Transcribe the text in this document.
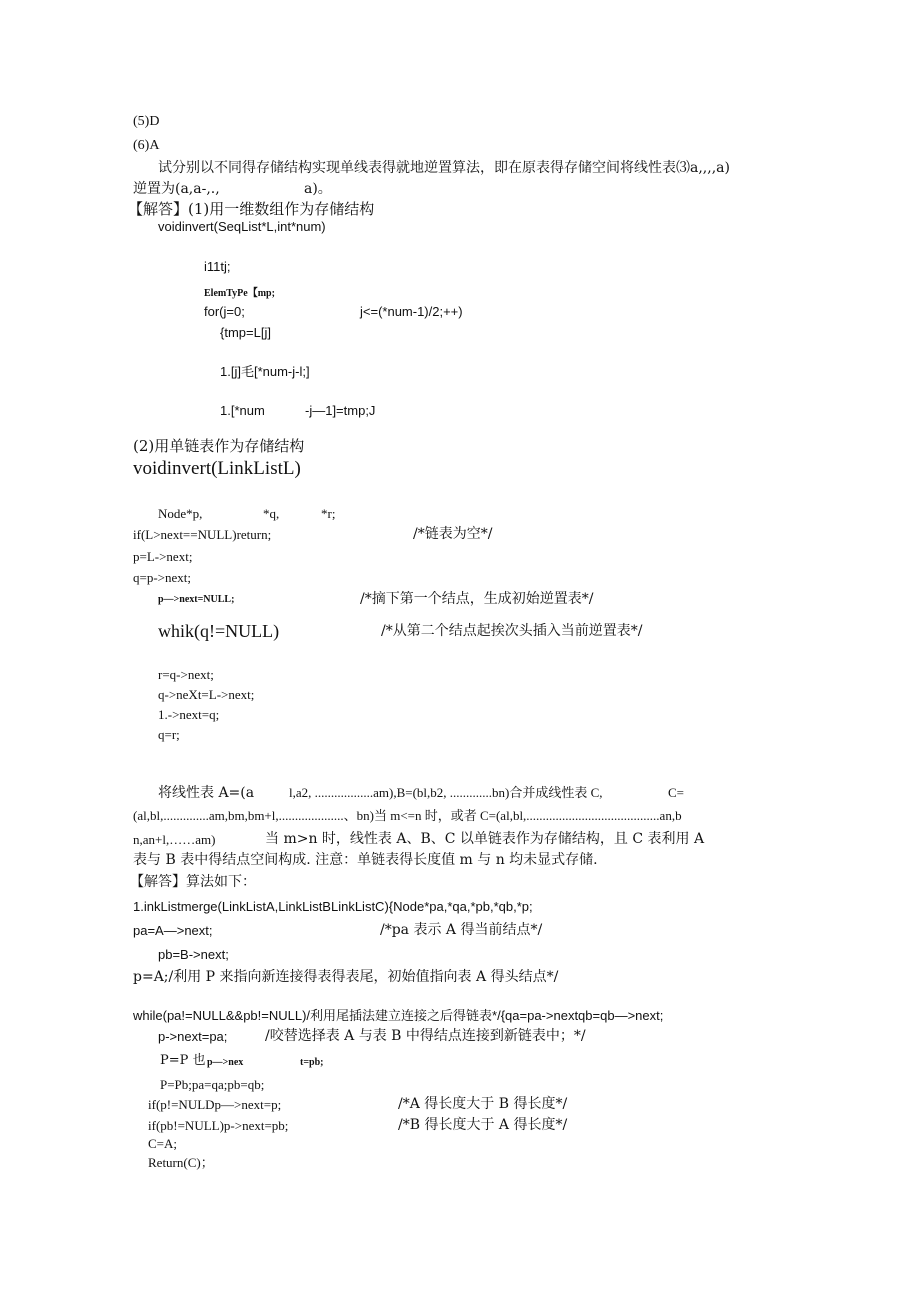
(5)D
(6)A
试分别以不同得存储结构实现单线表得就地逆置算法，即在原表得存储空间将线性表⑶a,,,,a)
逆置为(a,a-,.,	a)。
【解答】(1)用一维数组作为存储结构
voidinvert(SeqList*L,int*num)
i11tj;
ElemTyPe【mp;
for(j=0;	j<=(*num-1)/2;++)
{tmp=L[j]
1.[j]毛[*num-j-l;]
1.[*num	-j—1]=tmp;J
(2)用单链表作为存储结构
voidinvert(LinkListL)
Node*p,	*q,	*r;
if(L>next==NULL)return;	/*链表为空*/
p=L->next;
q=p->next;
p—>next=NULL;	/*摘下第一个结点，生成初始逆置表*/
whik(q!=NULL)	/*从第二个结点起挨次头插入当前逆置表*/
r=q->next;
q->neXt=L->next;
1.->next=q;
q=r;
将线性表 A=(a	l,a2, ..................am),B=(bl,b2, .............bn)合并成线性表 C,	C=
(al,bl,..............am,bm,bm+l,....................、bn)当 m<=n 时，或者 C=(al,bl,.........................................an,b
n,an+l,……am)	当 m>n 时，线性表 A、B、C 以单链表作为存储结构，且 C 表利用 A
表与 B 表中得结点空间构成. 注意：单链表得长度值 m 与 n 均未显式存储.
【解答】算法如下：
1.inkListmerge(LinkListA,LinkListBLinkListC){Node*pa,*qa,*pb,*qb,*p;
pa=A—>next;	/*pa 表示 A 得当前结点*/
pb=B->next;
p=A;/利用 P 来指向新连接得表得表尾，初始值指向表 A 得头结点*/
while(pa!=NULL&&pb!=NULL)/利用尾插法建立连接之后得链表*/{qa=pa->nextqb=qb—>next;
p->next=pa;	/咬替选择表 A 与表 B 中得结点连接到新链表中；*/
P=P 也 p—>nex	t=pb;
P=Pb;pa=qa;pb=qb;
if(p!=NULDp—>next=p;	/*A 得长度大于 B 得长度*/
if(pb!=NULL)p->next=pb;	/*B 得长度大于 A 得长度*/
C=A;
Return(C)；
